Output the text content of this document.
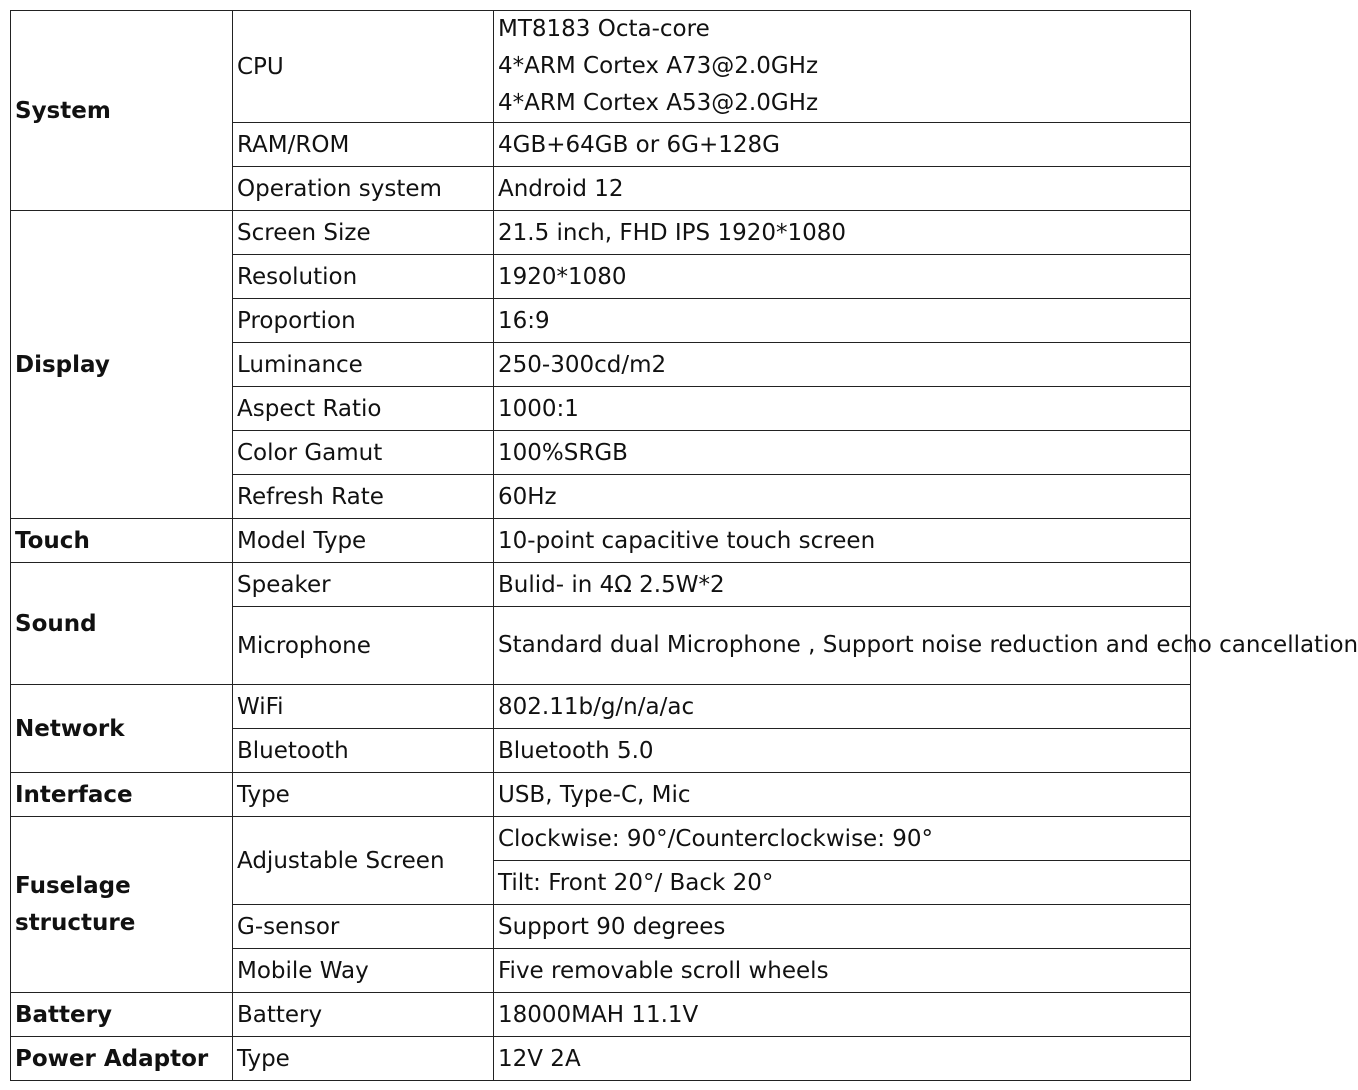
System	CPU	MT8183 Octa-core
4*ARM Cortex A73@2.0GHz
4*ARM Cortex A53@2.0GHz

	RAM/ROM	4GB+64GB or 6G+128G
	Operation system	Android 12
Display	Screen Size	21.5 inch, FHD IPS 1920*1080
	Resolution	1920*1080
	Proportion	16:9
	Luminance	250-300cd/m2
	Aspect Ratio	1000:1
	Color Gamut	100%SRGB
	Refresh Rate	60Hz
Touch	Model Type	10-point capacitive touch screen
Sound	Speaker	Bulid- in 4Ω 2.5W*2
	Microphone	Standard dual Microphone , Support noise reduction and echo cancellation
Network	WiFi	802.11b/g/n/a/ac
	Bluetooth	Bluetooth 5.0
Interface	Type	USB, Type-C, Mic

Fuselage
structure	Adjustable Screen	Clockwise: 90°/Counterclockwise: 90°
		Tilt: Front 20°/ Back 20°
	G-sensor	Support 90 degrees
	Mobile Way	Five removable scroll wheels
Battery	Battery	18000MAH 11.1V
Power Adaptor	Type	12V 2A
